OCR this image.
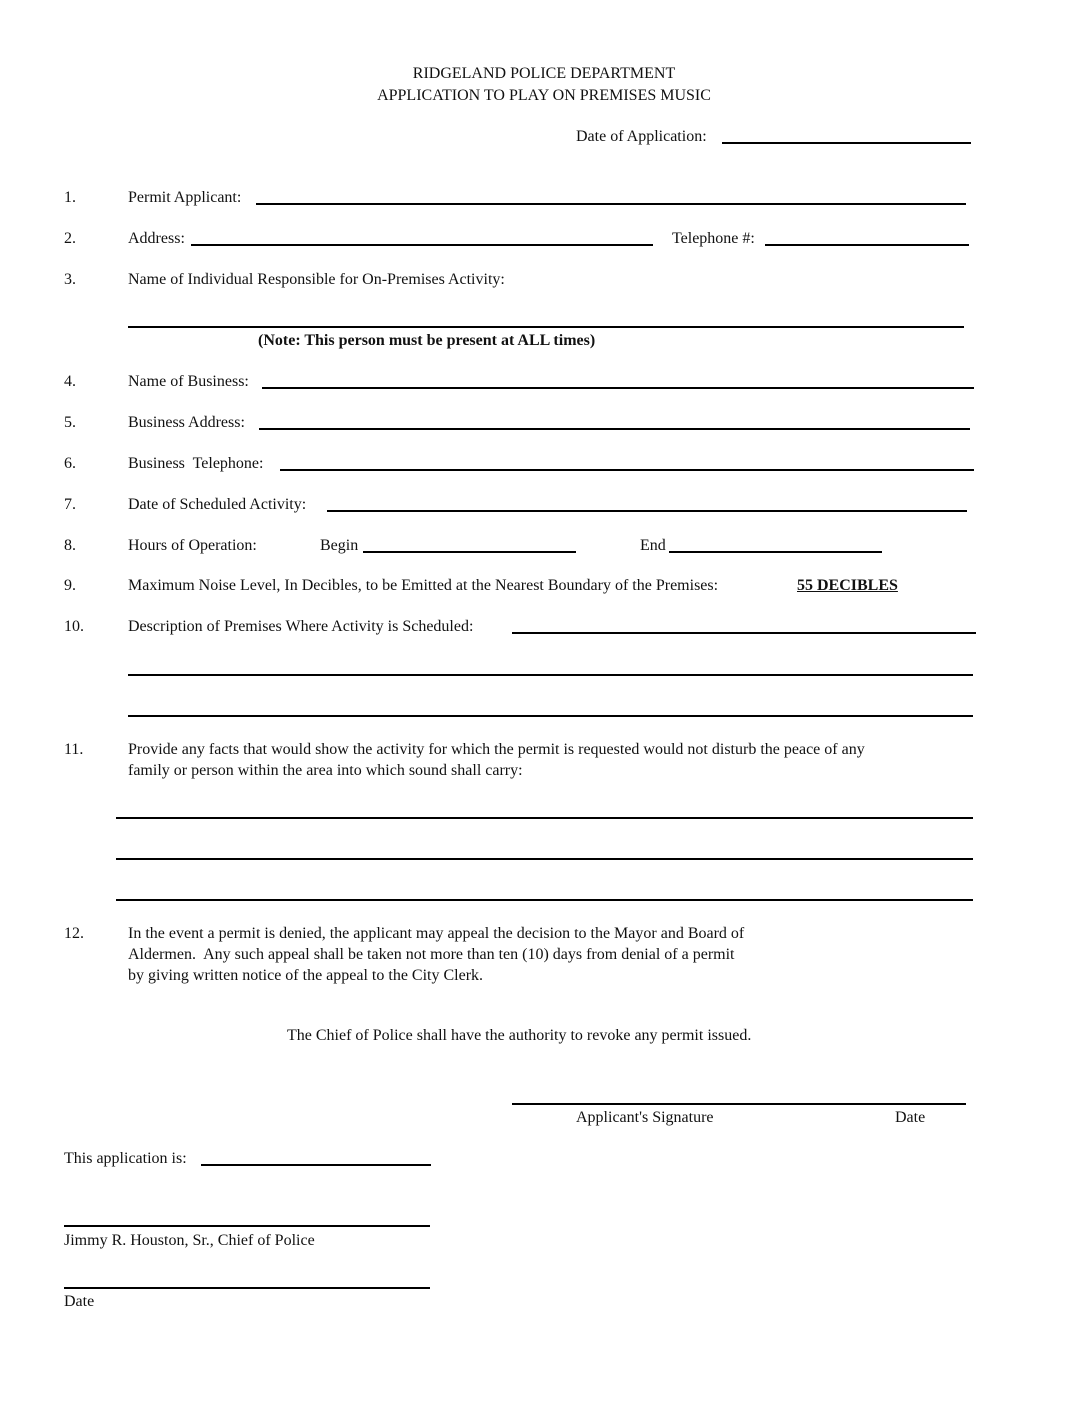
RIDGELAND POLICE DEPARTMENT
APPLICATION TO PLAY ON PREMISES MUSIC
Date of Application:
1.	Permit Applicant:
2.	Address:	Telephone #:
3.	Name of Individual Responsible for On-Premises Activity:
(Note: This person must be present at ALL times)
4.	Name of Business:
5.	Business Address:
6.	Business  Telephone:
7.	Date of Scheduled Activity:
8.	Hours of Operation:	Begin	End
9.	Maximum Noise Level, In Decibles, to be Emitted at the Nearest Boundary of the Premises:	55 DECIBLES
10.	Description of Premises Where Activity is Scheduled:
11.	Provide any facts that would show the activity for which the permit is requested would not disturb the peace of any
family or person within the area into which sound shall carry:
12.	In the event a permit is denied, the applicant may appeal the decision to the Mayor and Board of
Aldermen.  Any such appeal shall be taken not more than ten (10) days from denial of a permit
by giving written notice of the appeal to the City Clerk.
The Chief of Police shall have the authority to revoke any permit issued.
Applicant's Signature	Date
This application is:
Jimmy R. Houston, Sr., Chief of Police
Date
